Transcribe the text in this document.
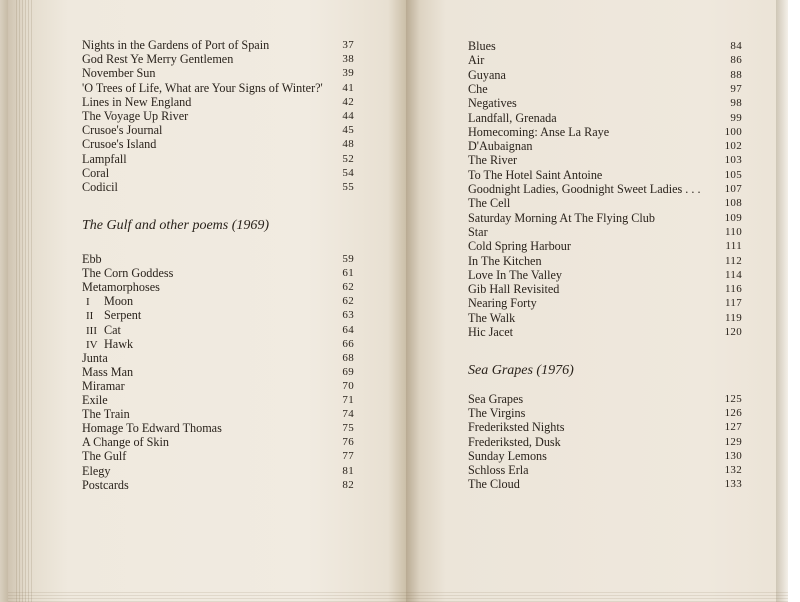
Nights in the Gardens of Port of Spain	37
God Rest Ye Merry Gentlemen	38
November Sun	39
'O Trees of Life, What are Your Signs of Winter?' 41
Lines in New England	42
The Voyage Up River	44
Crusoe's Journal	45
Crusoe's Island	48
Lampfall	52
Coral	54
Codicil	55
The Gulf and other poems (1969)
Ebb	59
The Corn Goddess	61
Metamorphoses	62
I Moon	62
II Serpent	63
III Cat	64
IV Hawk	66
Junta	68
Mass Man	69
Miramar	70
Exile	71
The Train	74
Homage To Edward Thomas	75
A Change of Skin	76
The Gulf	77
Elegy	81
Postcards	82
Blues	84
Air	86
Guyana	88
Che	97
Negatives	98
Landfall, Grenada	99
Homecoming: Anse La Raye	100
D'Aubaignan	102
The River	103
To The Hotel Saint Antoine	105
Goodnight Ladies, Goodnight Sweet Ladies . . . 107
The Cell	108
Saturday Morning At The Flying Club	109
Star	110
Cold Spring Harbour	111
In The Kitchen	112
Love In The Valley	114
Gib Hall Revisited	116
Nearing Forty	117
The Walk	119
Hic Jacet	120
Sea Grapes (1976)
Sea Grapes	125
The Virgins	126
Frederiksted Nights	127
Frederiksted, Dusk	129
Sunday Lemons	130
Schloss Erla	132
The Cloud	133
